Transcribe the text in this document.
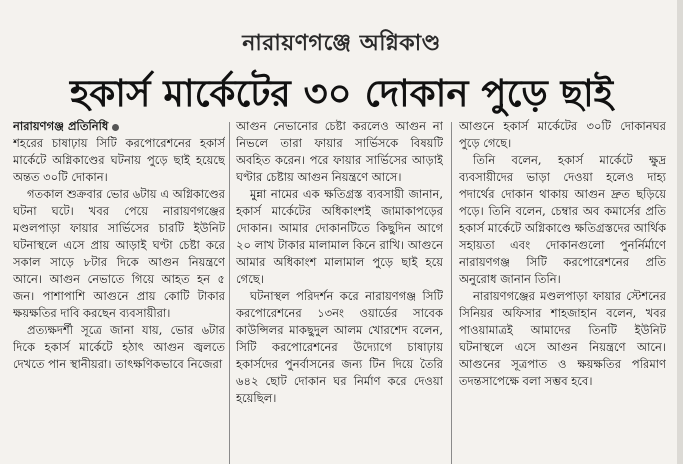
নারায়ণগঞ্জে অগ্নিকাণ্ড
হকার্স মার্কেটের ৩০ দোকান পুড়ে ছাই

নারায়ণগঞ্জ প্রতিনিধি

শহরের চাষাঢ়ায় সিটি করপোরেশনের হকার্স মার্কেটে অগ্নিকাণ্ডের ঘটনায় পুড়ে ছাই হয়েছে অন্তত ৩০টি দোকান।

গতকাল শুক্রবার ভোর ৬টায় এ অগ্নিকাণ্ডের ঘটনা ঘটে। খবর পেয়ে নারায়ণগঞ্জের মণ্ডলপাড়া ফায়ার সার্ভিসের চারটি ইউনিট ঘটনাস্থলে এসে প্রায় আড়াই ঘণ্টা চেষ্টা করে সকাল সাড়ে ৮টার দিকে আগুন নিয়ন্ত্রণে আনে। আগুন নেভাতে গিয়ে আহত হন ৫ জন। পাশাপাশি আগুনে প্রায় কোটি টাকার ক্ষয়ক্ষতির দাবি করছেন ব্যবসায়ীরা।

প্রত্যক্ষদর্শী সূত্রে জানা যায়, ভোর ৬টার দিকে হকার্স মার্কেটে হঠাৎ আগুন জ্বলতে দেখতে পান স্থানীয়রা। তাৎক্ষণিকভাবে নিজেরা

আগুন নেভানোর চেষ্টা করলেও আগুন না নিভলে তারা ফায়ার সার্ভিসকে বিষয়টি অবহিত করেন। পরে ফায়ার সার্ভিসের আড়াই ঘণ্টার চেষ্টায় আগুন নিয়ন্ত্রণে আসে।

মুন্না নামের এক ক্ষতিগ্রস্ত ব্যবসায়ী জানান, হকার্স মার্কেটের অধিকাংশই জামাকাপড়ের দোকান। আমার দোকানটিতে কিছুদিন আগে ২০ লাখ টাকার মালামাল কিনে রাখি। আগুনে আমার অধিকাংশ মালামাল পুড়ে ছাই হয়ে গেছে।

ঘটনাস্থল পরিদর্শন করে নারায়ণগঞ্জ সিটি করপোরেশনের ১৩নং ওয়ার্ডের সাবেক কাউন্সিলর মাকছুদুল আলম খোরশেদ বলেন, সিটি করপোরেশনের উদ্যোগে চাষাঢ়ায় হকার্সদের পুনর্বাসনের জন্য টিন দিয়ে তৈরি ৬৪২ ছোট দোকান ঘর নির্মাণ করে দেওয়া হয়েছিল।

আগুনে হকার্স মার্কেটের ৩০টি দোকানঘর পুড়ে গেছে।

তিনি বলেন, হকার্স মার্কেটে ক্ষুদ্র ব্যবসায়ীদের ভাড়া দেওয়া হলেও দাহ্য পদার্থের দোকান থাকায় আগুন দ্রুত ছড়িয়ে পড়ে। তিনি বলেন, চেম্বার অব কমার্সের প্রতি হকার্স মার্কেটে অগ্নিকাণ্ডে ক্ষতিগ্রস্তদের আর্থিক সহায়তা এবং দোকানগুলো পুনর্নির্মাণে নারায়ণগঞ্জ সিটি করপোরেশনের প্রতি অনুরোধ জানান তিনি।

নারায়ণগঞ্জের মণ্ডলপাড়া ফায়ার স্টেশনের সিনিয়র অফিসার শাহজাহান বলেন, খবর পাওয়ামাত্রই আমাদের তিনটি ইউনিট ঘটনাস্থলে এসে আগুন নিয়ন্ত্রণে আনে। আগুনের সূত্রপাত ও ক্ষয়ক্ষতির পরিমাণ তদন্তসাপেক্ষে বলা সম্ভব হবে।
